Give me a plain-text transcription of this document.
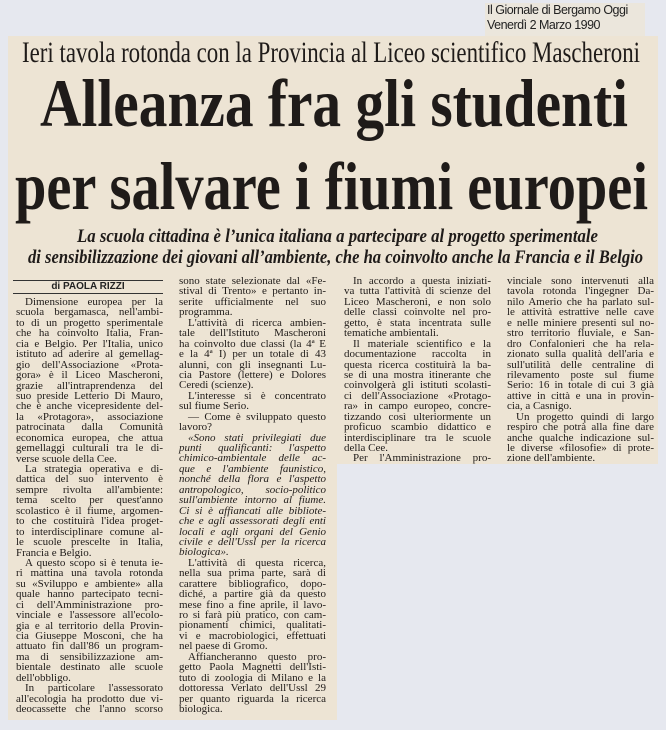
Il Giornale di Bergamo Oggi
Venerdì 2 Marzo 1990
Ieri tavola rotonda con la Provincia al Liceo scientifico Mascheroni
Alleanza fra gli studenti
per salvare i fiumi europei
La scuola cittadina è l’unica italiana a partecipare al progetto sperimentale
di sensibilizzazione dei giovani all’ambiente, che ha coinvolto anche la Francia e il Belgio
di PAOLA RIZZI
Dimensione europea per la
scuola bergamasca, nell'ambi-
to di un progetto sperimentale
che ha coinvolto Italia, Fran-
cia e Belgio. Per l'Italia, unico
istituto ad aderire al gemellag-
gio dell'Associazione «Prota-
gora» è il Liceo Mascheroni,
grazie all'intraprendenza del
suo preside Letterio Di Mauro,
che è anche vicepresidente del-
la «Protagora», associazione
patrocinata dalla Comunità
economica europea, che attua
gemellaggi culturali tra le di-
verse scuole della Cee.
La strategia operativa e di-
dattica del suo intervento è
sempre rivolta all'ambiente:
tema scelto per quest'anno
scolastico è il fiume, argomen-
to che costituirà l'idea proget-
to interdisciplinare comune al-
le scuole prescelte in Italia,
Francia e Belgio.
A questo scopo si è tenuta ie-
ri mattina una tavola rotonda
su «Sviluppo e ambiente» alla
quale hanno partecipato tecni-
ci dell'Amministrazione pro-
vinciale e l'assessore all'ecolo-
gia e al territorio della Provin-
cia Giuseppe Mosconi, che ha
attuato fin dall'86 un program-
ma di sensibilizzazione am-
bientale destinato alle scuole
dell'obbligo.
In particolare l'assessorato
all'ecologia ha prodotto due vi-
deocassette che l'anno scorso
sono state selezionate dal «Fe-
stival di Trento» e pertanto in-
serite ufficialmente nel suo
programma.
L'attività di ricerca ambien-
tale dell'Istituto Mascheroni
ha coinvolto due classi (la 4ª E
e la 4ª I) per un totale di 43
alunni, con gli insegnanti Lu-
cia Pastore (lettere) e Dolores
Ceredi (scienze).
L'interesse si è concentrato
sul fiume Serio.
— Come è sviluppato questo
lavoro?
«Sono stati privilegiati due
punti qualificanti: l'aspetto
chimico-ambientale delle ac-
que e l'ambiente faunistico,
nonché della flora e l'aspetto
antropologico, socio-politico
sull'ambiente intorno al fiume.
Ci si è affiancati alle bibliote-
che e agli assessorati degli enti
locali e agli organi del Genio
civile e dell'Ussl per la ricerca
biologica».
L'attività di questa ricerca,
nella sua prima parte, sarà di
carattere bibliografico, dopo-
diché, a partire già da questo
mese fino a fine aprile, il lavo-
ro si farà più pratico, con cam-
pionamenti chimici, qualitati-
vi e macrobiologici, effettuati
nel paese di Gromo.
Affiancheranno questo pro-
getto Paola Magnetti dell'Isti-
tuto di zoologia di Milano e la
dottoressa Verlato dell'Ussl 29
per quanto riguarda la ricerca
biologica.
In accordo a questa iniziati-
va tutta l'attività di scienze del
Liceo Mascheroni, e non solo
delle classi coinvolte nel pro-
getto, è stata incentrata sulle
tematiche ambientali.
Il materiale scientifico e la
documentazione raccolta in
questa ricerca costituirà la ba-
se di una mostra itinerante che
coinvolgerà gli istituti scolasti-
ci dell'Associazione «Protago-
ra» in campo europeo, concre-
tizzando così ulteriormente un
proficuo scambio didattico e
interdisciplinare tra le scuole
della Cee.
Per l'Amministrazione pro-
vinciale sono intervenuti alla
tavola rotonda l'ingegner Da-
nilo Amerio che ha parlato sul-
le attività estrattive nelle cave
e nelle miniere presenti sul no-
stro territorio fluviale, e San-
dro Confalonieri che ha rela-
zionato sulla qualità dell'aria e
sull'utilità delle centraline di
rilevamento poste sul fiume
Serio: 16 in totale di cui 3 già
attive in città e una in provin-
cia, a Casnigo.
Un progetto quindi di largo
respiro che potrà alla fine dare
anche qualche indicazione sul-
le diverse «filosofie» di prote-
zione dell'ambiente.
